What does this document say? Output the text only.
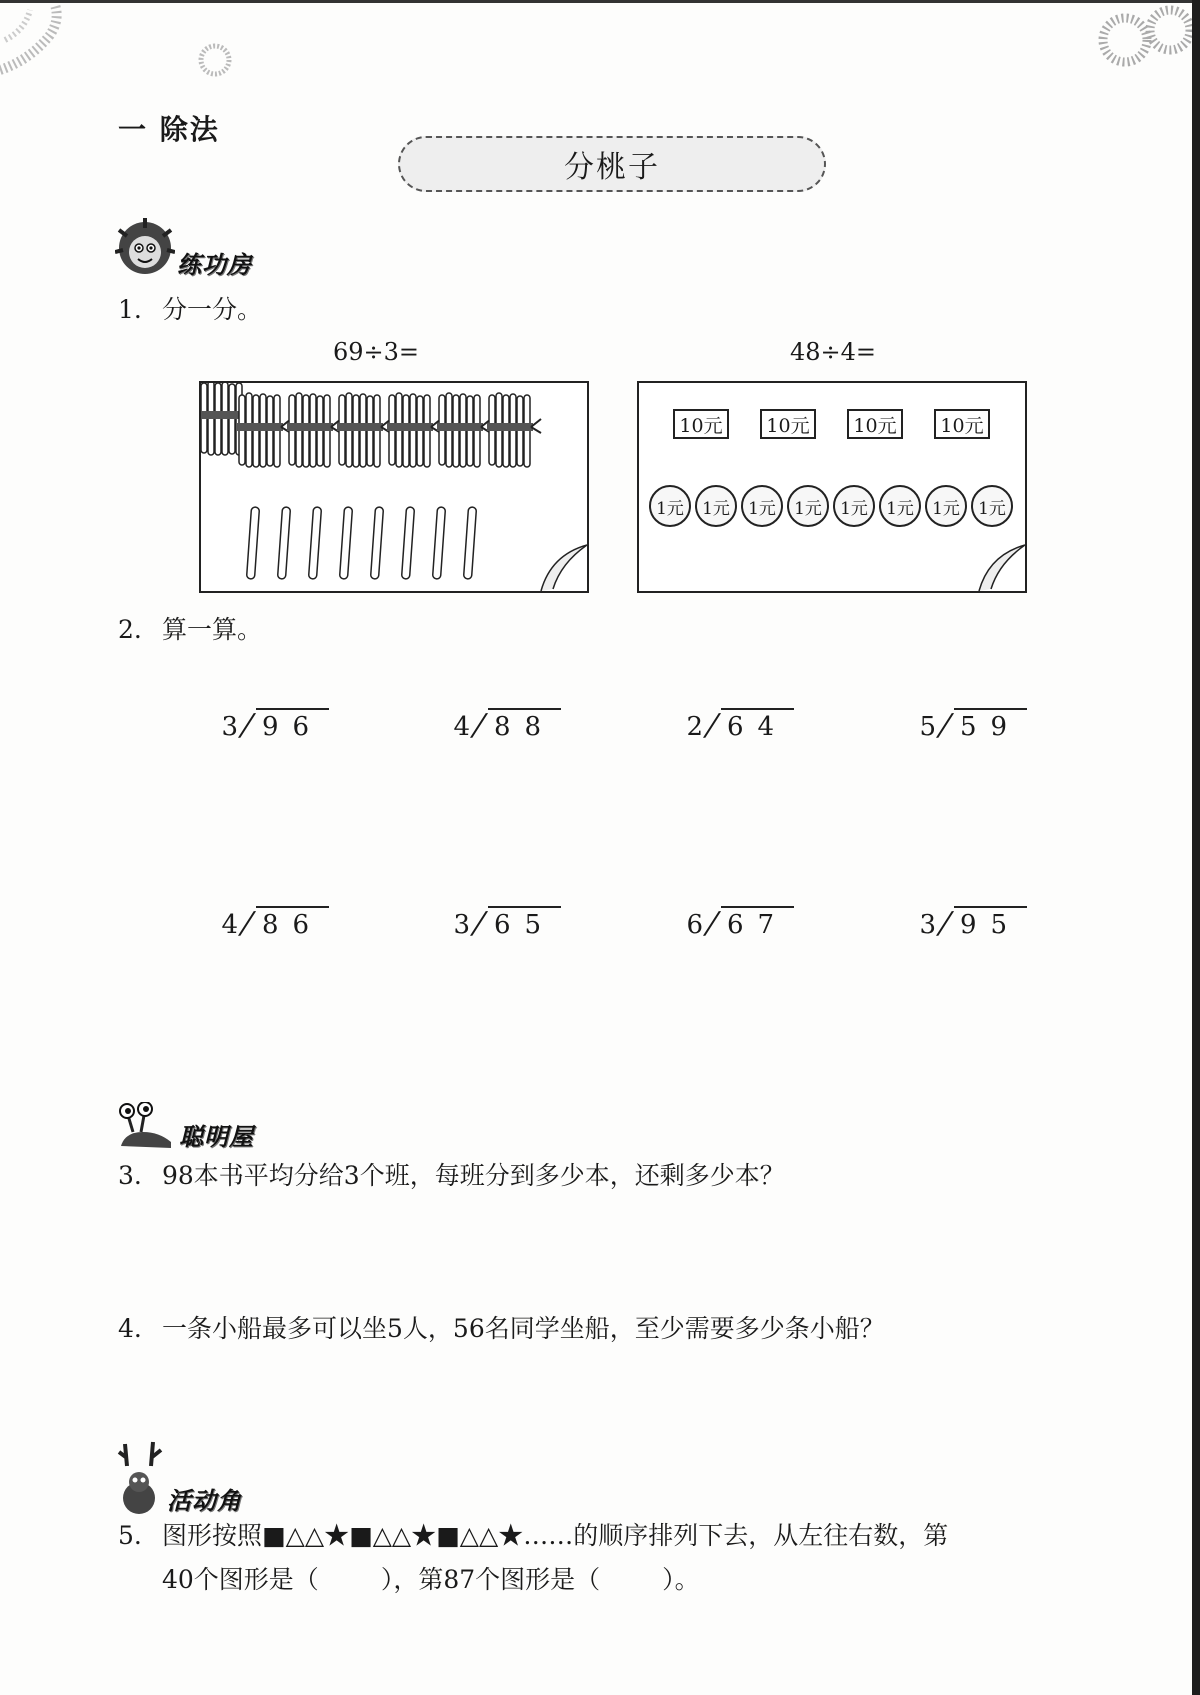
一 除法
分桃子
练功房
1. 分一分。
69÷3=	48÷4=
10元	10元	10元	10元
1元	1元	1元	1元	1元	1元	1元	1元
2. 算一算。
3/ 96	4/ 88	2/ 64	5/ 59
4/ 86	3/ 65	6/ 67	3/ 95
聪明屋
3. 98本书平均分给3个班，每班分到多少本，还剩多少本？
4. 一条小船最多可以坐5人，56名同学坐船，至少需要多少条小船？
活动角
5. 图形按照■△△★■△△★■△△★……的顺序排列下去，从左往右数，第
40个图形是（ ），第87个图形是（ ）。
